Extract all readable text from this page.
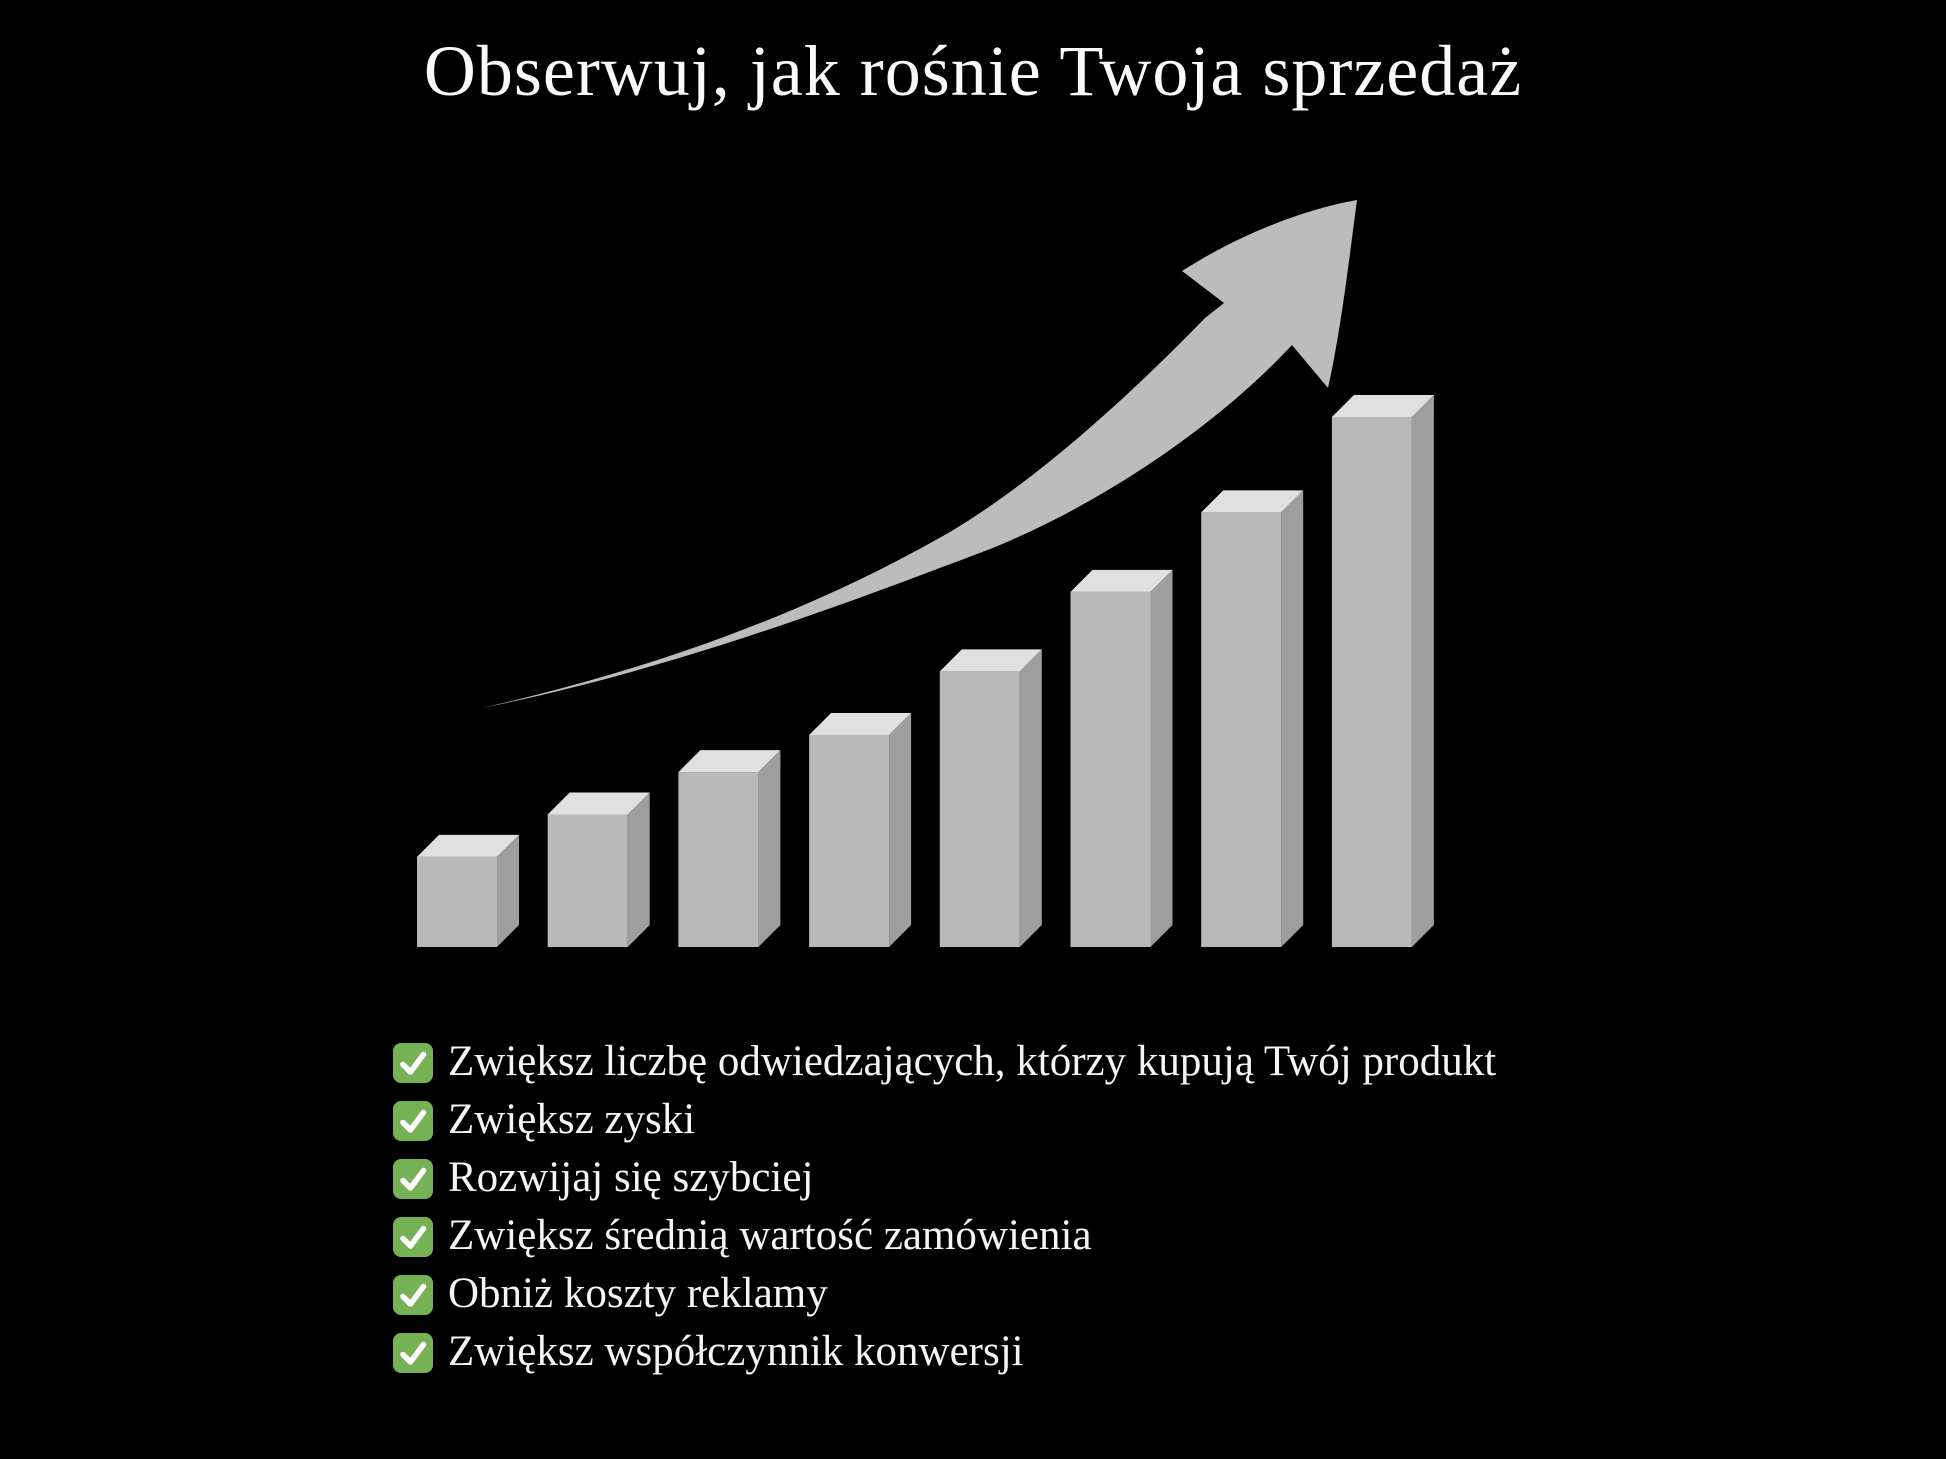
Obserwuj, jak rośnie Twoja sprzedaż
Zwiększ liczbę odwiedzających, którzy kupują Twój produkt
Zwiększ zyski
Rozwijaj się szybciej
Zwiększ średnią wartość zamówienia
Obniż koszty reklamy
Zwiększ współczynnik konwersji
